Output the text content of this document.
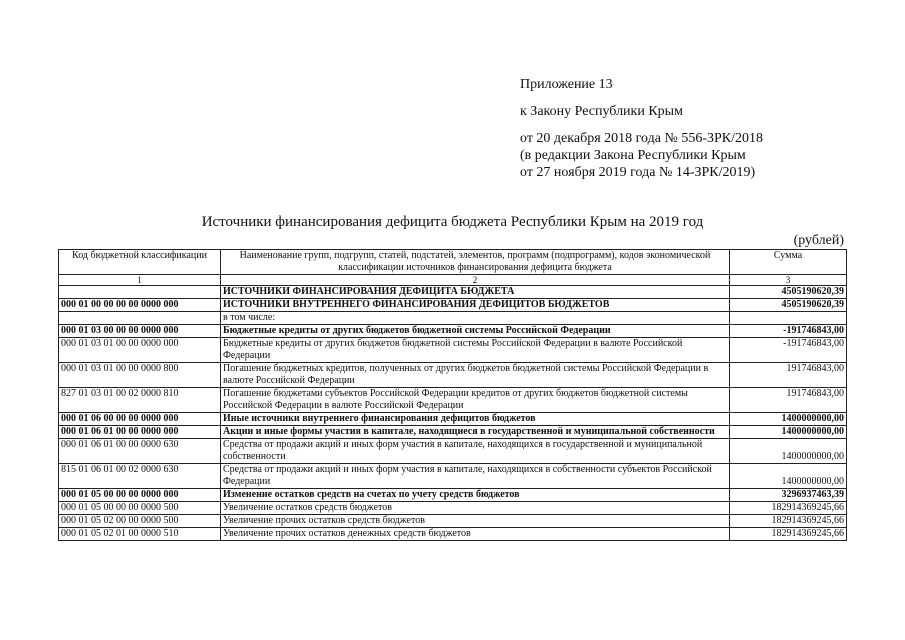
Приложение 13
к Закону Республики Крым
от 20 декабря 2018 года № 556-ЗРК/2018
(в редакции Закона Республики Крым
от 27 ноября 2019 года № 14-ЗРК/2019)
Источники финансирования дефицита бюджета Республики Крым на 2019 год
(рублей)
Код бюджетной классификации	Наименование групп, подгрупп, статей, подстатей, элементов, программ (подпрограмм), кодов экономической классификации источников финансирования дефицита бюджета	Сумма
1	2	3
	ИСТОЧНИКИ ФИНАНСИРОВАНИЯ ДЕФИЦИТА БЮДЖЕТА	4505190620,39
000 01 00 00 00 00 0000 000	ИСТОЧНИКИ ВНУТРЕННЕГО ФИНАНСИРОВАНИЯ ДЕФИЦИТОВ БЮДЖЕТОВ	4505190620,39
	в том числе:	
000 01 03 00 00 00 0000 000	Бюджетные кредиты от других бюджетов бюджетной системы Российской Федерации	-191746843,00
000 01 03 01 00 00 0000 000	Бюджетные кредиты от других бюджетов бюджетной системы Российской Федерации в валюте Российской Федерации	-191746843,00
000 01 03 01 00 00 0000 800	Погашение бюджетных кредитов, полученных от других бюджетов бюджетной системы Российской Федерации в валюте Российской Федерации	191746843,00
827 01 03 01 00 02 0000 810	Погашение бюджетами субъектов Российской Федерации кредитов от других бюджетов бюджетной системы Российской Федерации в валюте Российской Федерации	191746843,00
000 01 06 00 00 00 0000 000	Иные источники внутреннего финансирования дефицитов бюджетов	1400000000,00
000 01 06 01 00 00 0000 000	Акции и иные формы участия в капитале, находящиеся в государственной и муниципальной собственности	1400000000,00
000 01 06 01 00 00 0000 630	Средства от продажи акций и иных форм участия в капитале, находящихся в государственной и муниципальной собственности	1400000000,00
815 01 06 01 00 02 0000 630	Средства от продажи акций и иных форм участия в капитале, находящихся в собственности субъектов Российской Федерации	1400000000,00
000 01 05 00 00 00 0000 000	Изменение остатков средств на счетах по учету средств бюджетов	3296937463,39
000 01 05 00 00 00 0000 500	Увеличение остатков средств бюджетов	182914369245,66
000 01 05 02 00 00 0000 500	Увеличение прочих остатков средств бюджетов	182914369245,66
000 01 05 02 01 00 0000 510	Увеличение прочих остатков денежных средств бюджетов	182914369245,66
